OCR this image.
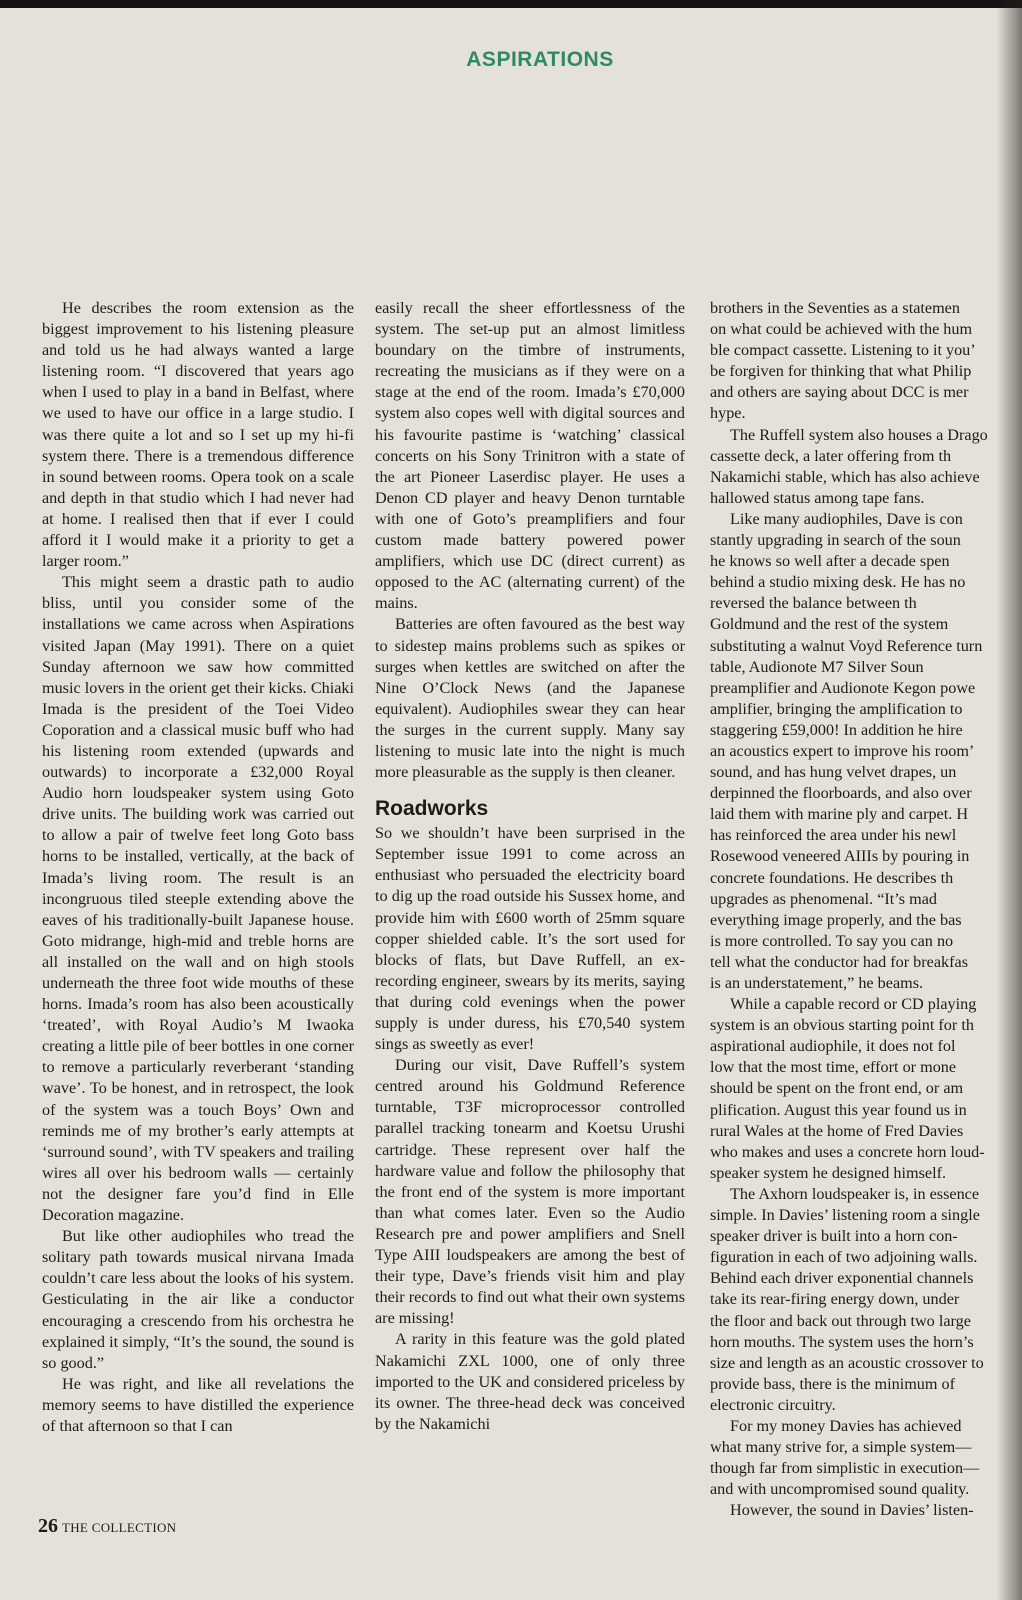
ASPIRATIONS

He describes the room extension as the biggest improvement to his listening pleasure and told us he had always wanted a large listening room. “I discovered that years ago when I used to play in a band in Belfast, where we used to have our office in a large studio. I was there quite a lot and so I set up my hi-fi system there. There is a tremendous difference in sound between rooms. Opera took on a scale and depth in that studio which I had never had at home. I realised then that if ever I could afford it I would make it a priority to get a larger room.”

This might seem a drastic path to audio bliss, until you consider some of the installations we came across when Aspirations visited Japan (May 1991). There on a quiet Sunday afternoon we saw how committed music lovers in the orient get their kicks. Chiaki Imada is the president of the Toei Video Coporation and a classical music buff who had his listening room extended (upwards and outwards) to incorporate a £32,000 Royal Audio horn loudspeaker system using Goto drive units. The building work was carried out to allow a pair of twelve feet long Goto bass horns to be installed, vertically, at the back of Imada’s living room. The result is an incongruous tiled steeple extending above the eaves of his traditionally-built Japanese house. Goto midrange, high-mid and treble horns are all installed on the wall and on high stools underneath the three foot wide mouths of these horns. Imada’s room has also been acoustically ‘treated’, with Royal Audio’s M Iwaoka creating a little pile of beer bottles in one corner to remove a particularly reverberant ‘standing wave’. To be honest, and in retrospect, the look of the system was a touch Boys’ Own and reminds me of my brother’s early attempts at ‘surround sound’, with TV speakers and trailing wires all over his bedroom walls — certainly not the designer fare you’d find in Elle Decoration magazine.

But like other audiophiles who tread the solitary path towards musical nirvana Imada couldn’t care less about the looks of his system. Gesticulating in the air like a conductor encouraging a crescendo from his orchestra he explained it simply, “It’s the sound, the sound is so good.”

He was right, and like all revelations the memory seems to have distilled the experience of that afternoon so that I can

easily recall the sheer effortlessness of the system. The set-up put an almost limitless boundary on the timbre of instruments, recreating the musicians as if they were on a stage at the end of the room. Imada’s £70,000 system also copes well with digital sources and his favourite pastime is ‘watching’ classical concerts on his Sony Trinitron with a state of the art Pioneer Laserdisc player. He uses a Denon CD player and heavy Denon turntable with one of Goto’s preamplifiers and four custom made battery powered power amplifiers, which use DC (direct current) as opposed to the AC (alternating current) of the mains.

Batteries are often favoured as the best way to sidestep mains problems such as spikes or surges when kettles are switched on after the Nine O’Clock News (and the Japanese equivalent). Audiophiles swear they can hear the surges in the current supply. Many say listening to music late into the night is much more pleasurable as the supply is then cleaner.

Roadworks

So we shouldn’t have been surprised in the September issue 1991 to come across an enthusiast who persuaded the electricity board to dig up the road outside his Sussex home, and provide him with £600 worth of 25mm square copper shielded cable. It’s the sort used for blocks of flats, but Dave Ruffell, an ex-recording engineer, swears by its merits, saying that during cold evenings when the power supply is under duress, his £70,540 system sings as sweetly as ever!

During our visit, Dave Ruffell’s system centred around his Goldmund Reference turntable, T3F microprocessor controlled parallel tracking tonearm and Koetsu Urushi cartridge. These represent over half the hardware value and follow the philosophy that the front end of the system is more important than what comes later. Even so the Audio Research pre and power amplifiers and Snell Type AIII loudspeakers are among the best of their type, Dave’s friends visit him and play their records to find out what their own systems are missing!

A rarity in this feature was the gold plated Nakamichi ZXL 1000, one of only three imported to the UK and considered priceless by its owner. The three-head deck was conceived by the Nakamichi

brothers in the Seventies as a statemen
on what could be achieved with the hum
ble compact cassette. Listening to it you’
be forgiven for thinking that what Philip
and others are saying about DCC is mer
hype.
The Ruffell system also houses a Drago
cassette deck, a later offering from th
Nakamichi stable, which has also achieve
hallowed status among tape fans.
Like many audiophiles, Dave is con
stantly upgrading in search of the soun
he knows so well after a decade spen
behind a studio mixing desk. He has no
reversed the balance between th
Goldmund and the rest of the system
substituting a walnut Voyd Reference turn
table, Audionote M7 Silver Soun
preamplifier and Audionote Kegon powe
amplifier, bringing the amplification to
staggering £59,000! In addition he hire
an acoustics expert to improve his room’
sound, and has hung velvet drapes, un
derpinned the floorboards, and also over
laid them with marine ply and carpet. H
has reinforced the area under his newl
Rosewood veneered AIIIs by pouring in
concrete foundations. He describes th
upgrades as phenomenal. “It’s mad
everything image properly, and the bas
is more controlled. To say you can no
tell what the conductor had for breakfas
is an understatement,” he beams.
While a capable record or CD playing
system is an obvious starting point for th
aspirational audiophile, it does not fol
low that the most time, effort or mone
should be spent on the front end, or am
plification. August this year found us in
rural Wales at the home of Fred Davies
who makes and uses a concrete horn loud-
speaker system he designed himself.
The Axhorn loudspeaker is, in essence
simple. In Davies’ listening room a single
speaker driver is built into a horn con-
figuration in each of two adjoining walls.
Behind each driver exponential channels
take its rear-firing energy down, under
the floor and back out through two large
horn mouths. The system uses the horn’s
size and length as an acoustic crossover to
provide bass, there is the minimum of
electronic circuitry.
For my money Davies has achieved
what many strive for, a simple system—
though far from simplistic in execution—
and with uncompromised sound quality.
However, the sound in Davies’ listen-
26 THE COLLECTION
